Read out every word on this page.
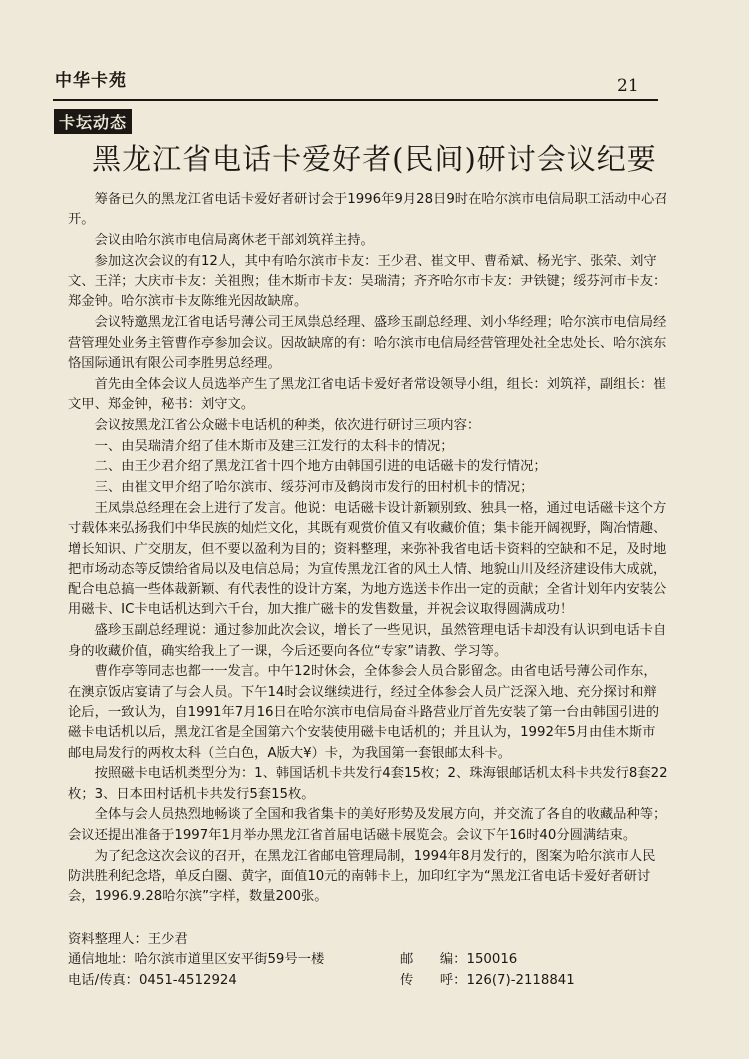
中华卡苑	21
卡坛动态
黑龙江省电话卡爱好者(民间)研讨会议纪要

筹备已久的黑龙江省电话卡爱好者研讨会于1996年9月28日9时在哈尔滨市电信局职工活动中心召开。

会议由哈尔滨市电信局离休老干部刘筑祥主持。

参加这次会议的有12人，其中有哈尔滨市卡友：王少君、崔文甲、曹希斌、杨光宇、张荣、刘守文、王洋；大庆市卡友：关祖煦；佳木斯市卡友：吴瑞清；齐齐哈尔市卡友：尹铁键；绥芬河市卡友：郑金钟。哈尔滨市卡友陈维光因故缺席。

会议特邀黑龙江省电话号薄公司王凤祟总经理、盛珍玉副总经理、刘小华经理；哈尔滨市电信局经营管理处业务主管曹作亭参加会议。因故缺席的有：哈尔滨市电信局经营管理处社全忠处长、哈尔滨东恪国际通讯有限公司李胜男总经理。

首先由全体会议人员选举产生了黑龙江省电话卡爱好者常设领导小组，组长：刘筑祥，副组长：崔文甲、郑金钟，秘书：刘守文。

会议按黑龙江省公众磁卡电话机的种类，依次进行研讨三项内容：

一、由吴瑞清介绍了佳木斯市及建三江发行的太科卡的情况；

二、由王少君介绍了黑龙江省十四个地方由韩国引进的电话磁卡的发行情况；

三、由崔文甲介绍了哈尔滨市、绥芬河市及鹤岗市发行的田村机卡的情况；

王凤祟总经理在会上进行了发言。他说：电话磁卡设计新颖别致、独具一格，通过电话磁卡这个方寸载体来弘扬我们中华民族的灿烂文化，其既有观赏价值又有收藏价值；集卡能开阔视野，陶冶情趣、增长知识、广交朋友，但不要以盈利为目的；资料整理，来弥补我省电话卡资料的空缺和不足，及时地把市场动态等反馈给省局以及电信总局；为宣传黑龙江省的风土人情、地貌山川及经济建设伟大成就，配合电总搞一些体裁新颖、有代表性的设计方案，为地方选送卡作出一定的贡献；全省计划年内安装公用磁卡、IC卡电话机达到六千台，加大推广磁卡的发售数量，并祝会议取得圆满成功！

盛珍玉副总经理说：通过参加此次会议，增长了一些见识，虽然管理电话卡却没有认识到电话卡自身的收藏价值，确实给我上了一课，今后还要向各位“专家”请教、学习等。

曹作亭等同志也都一一发言。中午12时休会，全体参会人员合影留念。由省电话号薄公司作东，在澳京饭店宴请了与会人员。下午14时会议继续进行，经过全体参会人员广泛深入地、充分探讨和辩论后，一致认为，自1991年7月16日在哈尔滨市电信局奋斗路营业厅首先安装了第一台由韩国引进的磁卡电话机以后，黑龙江省是全国第六个安装使用磁卡电话机的；并且认为，1992年5月由佳木斯市邮电局发行的两枚太科（兰白色，A版大¥）卡，为我国第一套银邮太科卡。

按照磁卡电话机类型分为：1、韩国话机卡共发行4套15枚；2、珠海银邮话机太科卡共发行8套22枚；3、日本田村话机卡共发行5套15枚。

全体与会人员热烈地畅谈了全国和我省集卡的美好形势及发展方向，并交流了各自的收藏品种等；会议还提出准备于1997年1月举办黑龙江省首届电话磁卡展览会。会议下午16时40分圆满结束。

为了纪念这次会议的召开，在黑龙江省邮电管理局制，1994年8月发行的，图案为哈尔滨市人民防洪胜利纪念塔，单反白圈、黄字，面值10元的南韩卡上，加印红字为“黑龙江省电话卡爱好者研讨会，1996.9.28哈尔滨”字样，数量200张。

资料整理人：王少君
通信地址：哈尔滨市道里区安平街59号一楼	邮　　编：150016
电话/传真：0451-4512924	传　　呼：126(7)-2118841
